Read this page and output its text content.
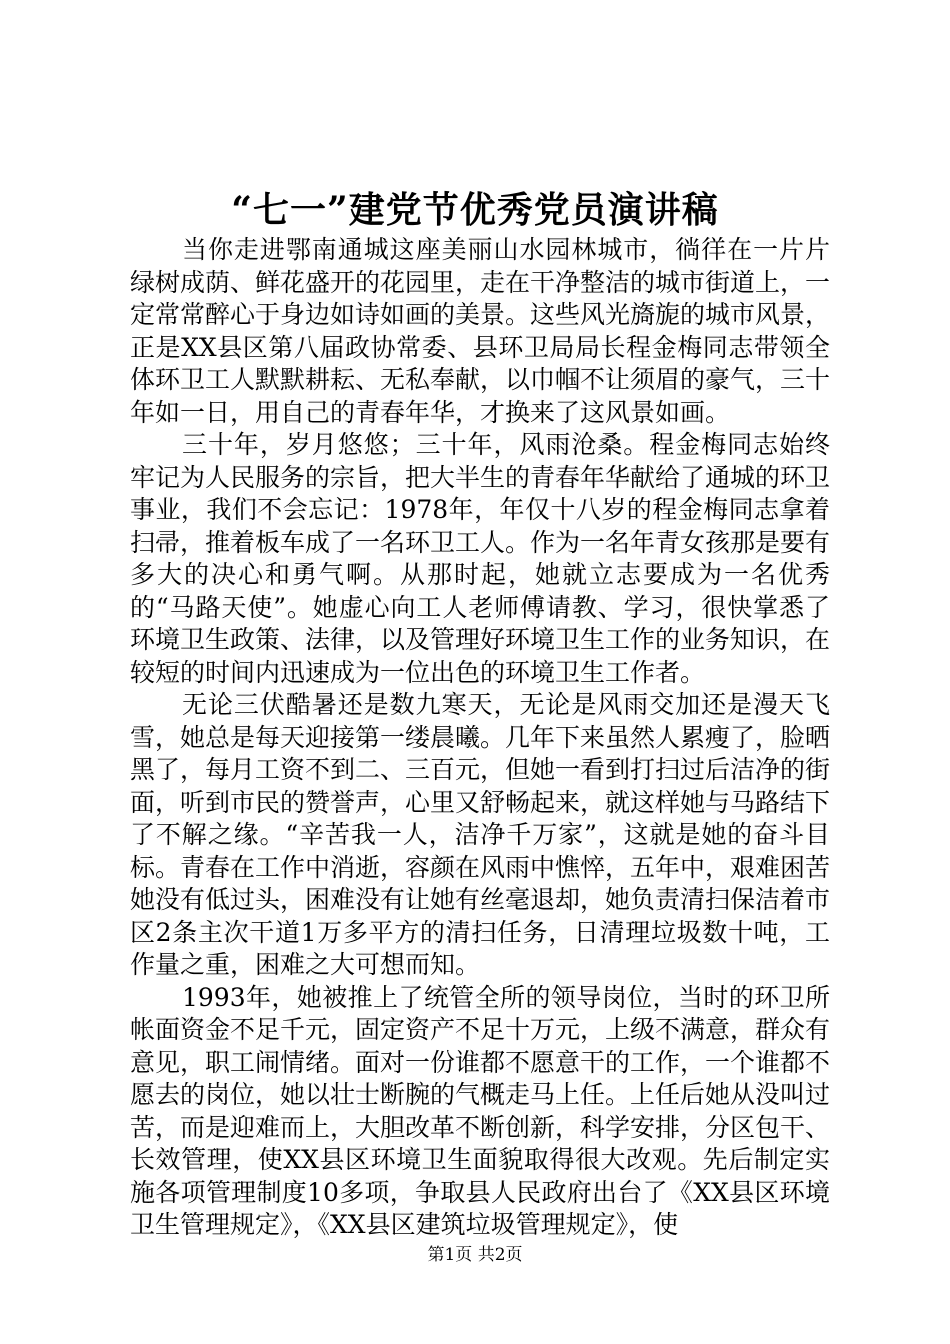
“七一”建党节优秀党员演讲稿

当你走进鄂南通城这座美丽山水园林城市，徜徉在一片片绿树成荫、鲜花盛开的花园里，走在干净整洁的城市街道上，一定常常醉心于身边如诗如画的美景。这些风光旖旎的城市风景，正是XX县区第八届政协常委、县环卫局局长程金梅同志带领全体环卫工人默默耕耘、无私奉献，以巾帼不让须眉的豪气，三十年如一日，用自己的青春年华，才换来了这风景如画。

三十年，岁月悠悠；三十年，风雨沧桑。程金梅同志始终牢记为人民服务的宗旨，把大半生的青春年华献给了通城的环卫事业，我们不会忘记：1978年，年仅十八岁的程金梅同志拿着扫帚，推着板车成了一名环卫工人。作为一名年青女孩那是要有多大的决心和勇气啊。从那时起，她就立志要成为一名优秀的“马路天使”。她虚心向工人老师傅请教、学习，很快掌悉了环境卫生政策、法律，以及管理好环境卫生工作的业务知识，在较短的时间内迅速成为一位出色的环境卫生工作者。

无论三伏酷暑还是数九寒天，无论是风雨交加还是漫天飞雪，她总是每天迎接第一缕晨曦。几年下来虽然人累瘦了，脸晒黑了，每月工资不到二、三百元，但她一看到打扫过后洁净的街面，听到市民的赞誉声，心里又舒畅起来，就这样她与马路结下了不解之缘。“辛苦我一人，洁净千万家”，这就是她的奋斗目标。青春在工作中消逝，容颜在风雨中憔悴，五年中，艰难困苦她没有低过头，困难没有让她有丝毫退却，她负责清扫保洁着市区2条主次干道1万多平方的清扫任务，日清理垃圾数十吨，工作量之重，困难之大可想而知。

1993年，她被推上了统管全所的领导岗位，当时的环卫所帐面资金不足千元，固定资产不足十万元，上级不满意，群众有意见，职工闹情绪。面对一份谁都不愿意干的工作，一个谁都不愿去的岗位，她以壮士断腕的气概走马上任。上任后她从没叫过苦，而是迎难而上，大胆改革不断创新，科学安排，分区包干、长效管理，使XX县区环境卫生面貌取得很大改观。先后制定实施各项管理制度10多项，争取县人民政府出台了《XX县区环境卫生管理规定》，《XX县区建筑垃圾管理规定》，使

第1页 共2页
